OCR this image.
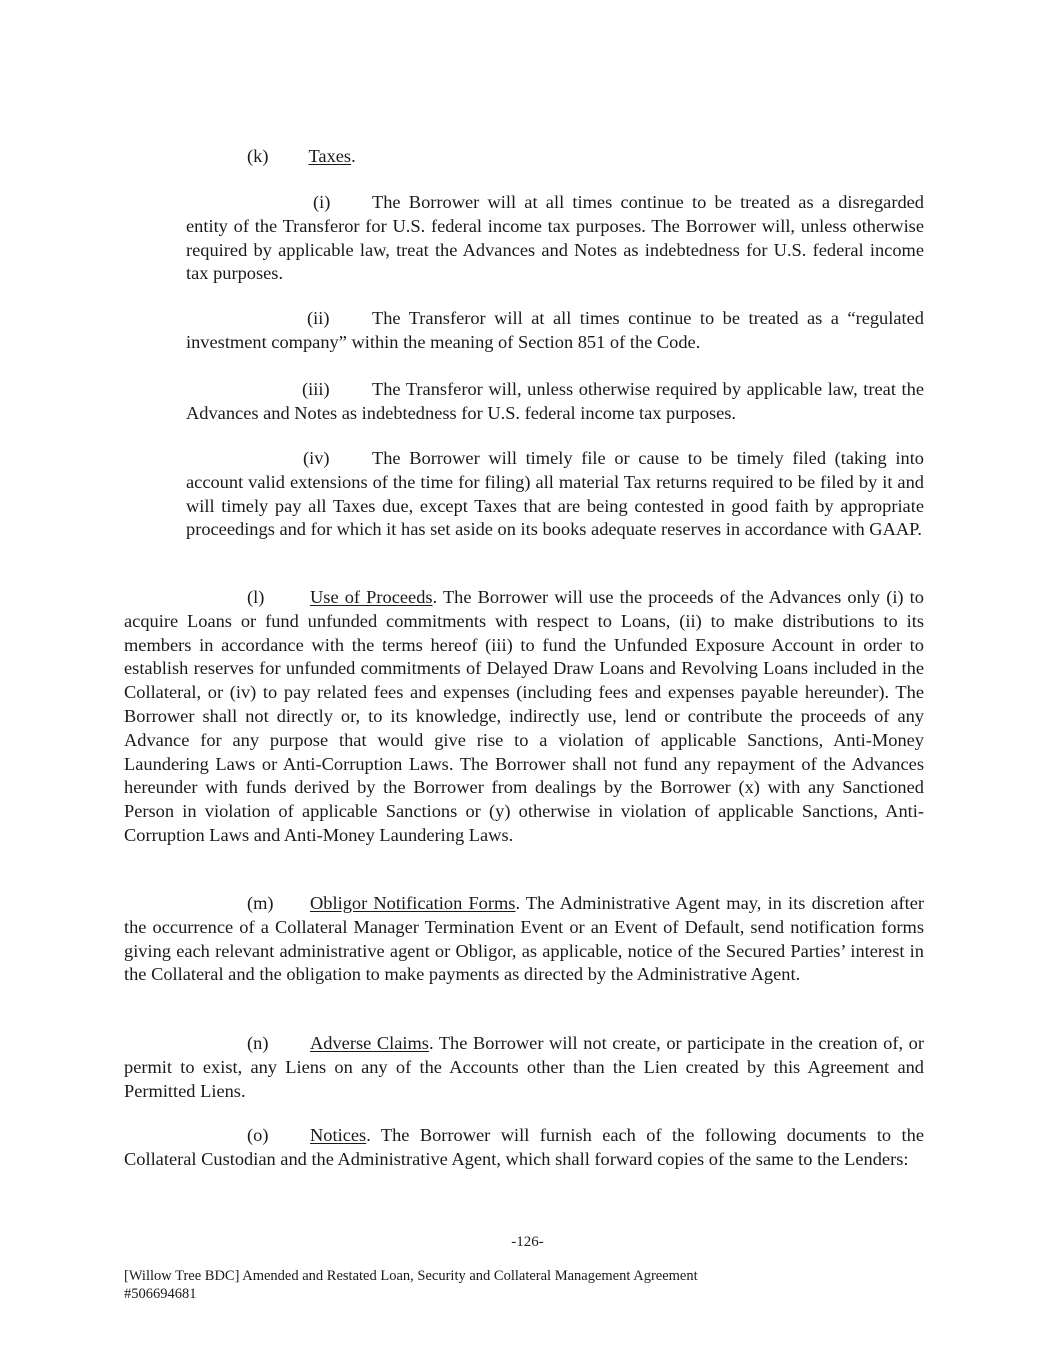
(k) Taxes.
(i) The Borrower will at all times continue to be treated as a disregarded entity of the Transferor for U.S. federal income tax purposes. The Borrower will, unless otherwise required by applicable law, treat the Advances and Notes as indebtedness for U.S. federal income tax purposes.
(ii) The Transferor will at all times continue to be treated as a “regulated investment company” within the meaning of Section 851 of the Code.
(iii) The Transferor will, unless otherwise required by applicable law, treat the Advances and Notes as indebtedness for U.S. federal income tax purposes.
(iv) The Borrower will timely file or cause to be timely filed (taking into account valid extensions of the time for filing) all material Tax returns required to be filed by it and will timely pay all Taxes due, except Taxes that are being contested in good faith by appropriate proceedings and for which it has set aside on its books adequate reserves in accordance with GAAP.
(l) Use of Proceeds. The Borrower will use the proceeds of the Advances only (i) to acquire Loans or fund unfunded commitments with respect to Loans, (ii) to make distributions to its members in accordance with the terms hereof (iii) to fund the Unfunded Exposure Account in order to establish reserves for unfunded commitments of Delayed Draw Loans and Revolving Loans included in the Collateral, or (iv) to pay related fees and expenses (including fees and expenses payable hereunder). The Borrower shall not directly or, to its knowledge, indirectly use, lend or contribute the proceeds of any Advance for any purpose that would give rise to a violation of applicable Sanctions, Anti-Money Laundering Laws or Anti-Corruption Laws. The Borrower shall not fund any repayment of the Advances hereunder with funds derived by the Borrower from dealings by the Borrower (x) with any Sanctioned Person in violation of applicable Sanctions or (y) otherwise in violation of applicable Sanctions, Anti-Corruption Laws and Anti-Money Laundering Laws.
(m) Obligor Notification Forms. The Administrative Agent may, in its discretion after the occurrence of a Collateral Manager Termination Event or an Event of Default, send notification forms giving each relevant administrative agent or Obligor, as applicable, notice of the Secured Parties’ interest in the Collateral and the obligation to make payments as directed by the Administrative Agent.
(n) Adverse Claims. The Borrower will not create, or participate in the creation of, or permit to exist, any Liens on any of the Accounts other than the Lien created by this Agreement and Permitted Liens.
(o) Notices. The Borrower will furnish each of the following documents to the Collateral Custodian and the Administrative Agent, which shall forward copies of the same to the Lenders:
-126-
[Willow Tree BDC] Amended and Restated Loan, Security and Collateral Management Agreement
#506694681
